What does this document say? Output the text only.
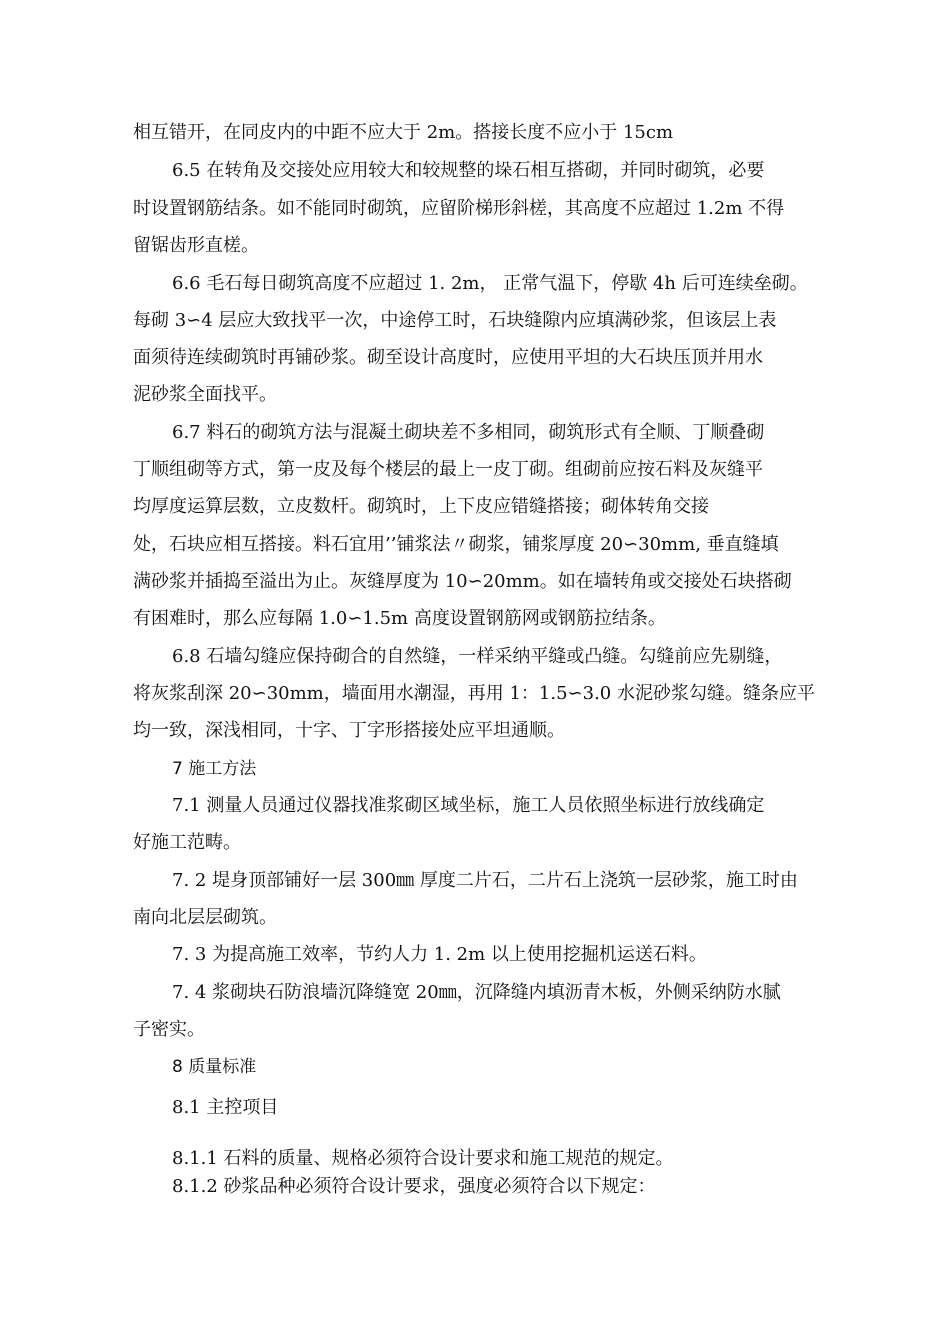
相互错开，在同皮内的中距不应大于 2m。搭接长度不应小于 15cm
6.5 在转角及交接处应用较大和较规整的垛石相互搭砌，并同时砌筑，必要
时设置钢筋结条。如不能同时砌筑，应留阶梯形斜槎，其高度不应超过 1.2m 不得
留锯齿形直槎。
6.6 毛石每日砌筑高度不应超过 1. 2m， 正常气温下，停歇 4h 后可连续垒砌。
每砌 3∽4 层应大致找平一次，中途停工时，石块缝隙内应填满砂浆，但该层上表
面须待连续砌筑时再铺砂浆。砌至设计高度时，应使用平坦的大石块压顶并用水
泥砂浆全面找平。
6.7 料石的砌筑方法与混凝土砌块差不多相同，砌筑形式有全顺、丁顺叠砌
丁顺组砌等方式，第一皮及每个楼层的最上一皮丁砌。组砌前应按石料及灰缝平
均厚度运算层数，立皮数杆。砌筑时，上下皮应错缝搭接；砌体转角交接
处，石块应相互搭接。料石宜用’’铺浆法〃砌浆，铺浆厚度 20∽30mm, 垂直缝填
满砂浆并插捣至溢出为止。灰缝厚度为 10∽20mm。如在墙转角或交接处石块搭砌
有困难时，那么应每隔 1.0∽1.5m 高度设置钢筋网或钢筋拉结条。
6.8 石墙勾缝应保持砌合的自然缝，一样采纳平缝或凸缝。勾缝前应先剔缝，
将灰浆刮深 20∽30mm，墙面用水潮湿，再用 1：1.5∽3.0 水泥砂浆勾缝。缝条应平
均一致，深浅相同，十字、丁字形搭接处应平坦通顺。
7 施工方法
7.1 测量人员通过仪器找准浆砌区域坐标，施工人员依照坐标进行放线确定
好施工范畴。
7. 2 堤身顶部铺好一层 300㎜ 厚度二片石，二片石上浇筑一层砂浆，施工时由
南向北层层砌筑。
7. 3 为提高施工效率，节约人力 1. 2m 以上使用挖掘机运送石料。
7. 4 浆砌块石防浪墙沉降缝宽 20㎜，沉降缝内填沥青木板，外侧采纳防水腻
子密实。
8 质量标准
8.1 主控项目
8.1.1 石料的质量、规格必须符合设计要求和施工规范的规定。
8.1.2 砂浆品种必须符合设计要求，强度必须符合以下规定：
